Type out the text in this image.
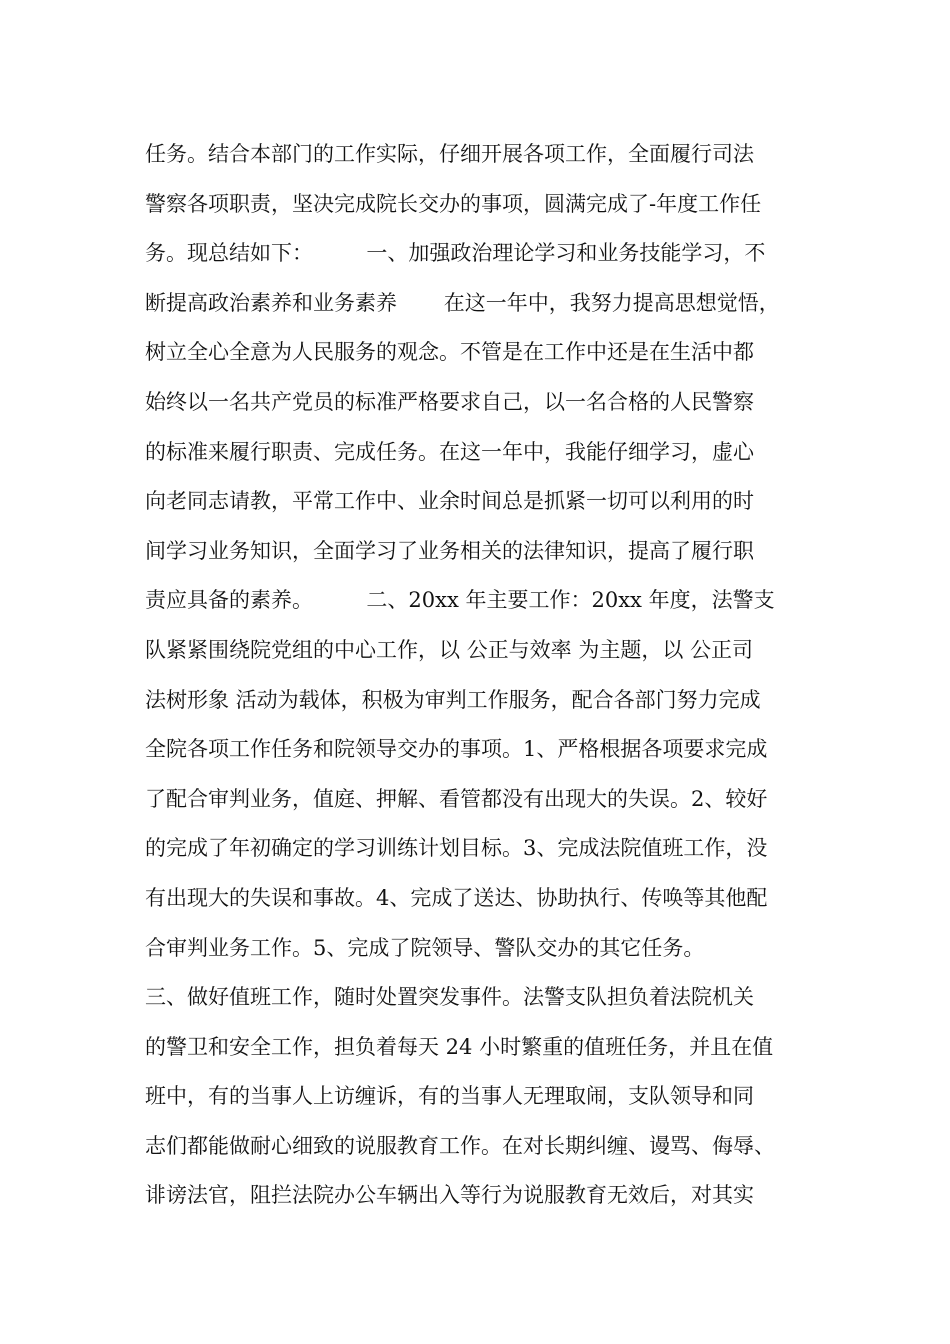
任务。结合本部门的工作实际，仔细开展各项工作，全面履行司法
警察各项职责，坚决完成院长交办的事项，圆满完成了-年度工作任
务。现总结如下：        一、加强政治理论学习和业务技能学习，不
断提高政治素养和业务素养       在这一年中，我努力提高思想觉悟，
树立全心全意为人民服务的观念。不管是在工作中还是在生活中都
始终以一名共产党员的标准严格要求自己，以一名合格的人民警察
的标准来履行职责、完成任务。在这一年中，我能仔细学习，虚心
向老同志请教，平常工作中、业余时间总是抓紧一切可以利用的时
间学习业务知识，全面学习了业务相关的法律知识，提高了履行职
责应具备的素养。        二、20xx 年主要工作：20xx 年度，法警支
队紧紧围绕院党组的中心工作，以 公正与效率 为主题，以 公正司
法树形象 活动为载体，积极为审判工作服务，配合各部门努力完成
全院各项工作任务和院领导交办的事项。1、严格根据各项要求完成
了配合审判业务，值庭、押解、看管都没有出现大的失误。2、较好
的完成了年初确定的学习训练计划目标。3、完成法院值班工作，没
有出现大的失误和事故。4、完成了送达、协助执行、传唤等其他配
合审判业务工作。5、完成了院领导、警队交办的其它任务。
三、做好值班工作，随时处置突发事件。法警支队担负着法院机关
的警卫和安全工作，担负着每天 24 小时繁重的值班任务，并且在值
班中，有的当事人上访缠诉，有的当事人无理取闹，支队领导和同
志们都能做耐心细致的说服教育工作。在对长期纠缠、谩骂、侮辱、
诽谤法官，阻拦法院办公车辆出入等行为说服教育无效后，对其实
